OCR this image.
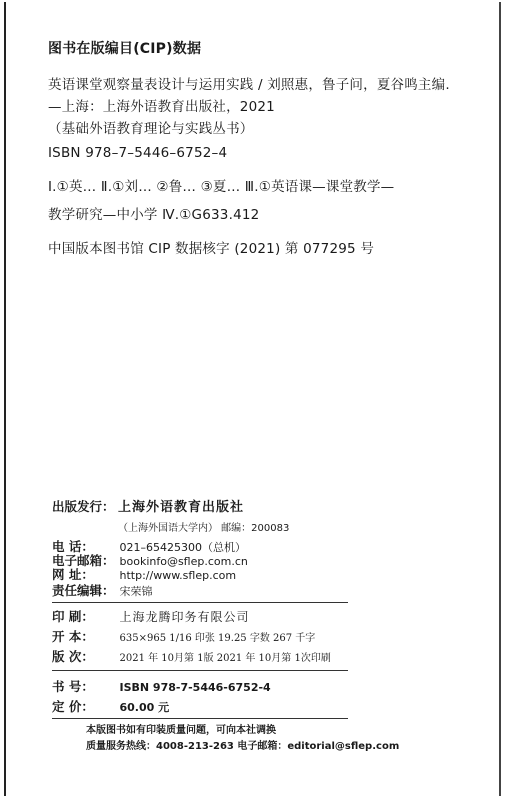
图书在版编目(CIP)数据
英语课堂观察量表设计与运用实践 / 刘照惠，鲁子问，夏谷鸣主编.
—上海：上海外语教育出版社，2021
（基础外语教育理论与实践丛书）
ISBN 978–7–5446–6752–4
Ⅰ.①英… Ⅱ.①刘… ②鲁… ③夏… Ⅲ.①英语课—课堂教学—
教学研究—中小学 Ⅳ.①G633.412
中国版本图书馆 CIP 数据核字 (2021) 第 077295 号
出版发行： 上海外语教育出版社
（上海外国语大学内） 邮编：200083
电 话： 021–65425300（总机）
电子邮箱： bookinfo@sflep.com.cn
网 址： http://www.sflep.com
责任编辑： 宋荣锦
印 刷： 上海龙腾印务有限公司
开 本：	635×965 1/16 印张 19.25 字数 267 千字
版 次：	2021 年 10月第 1版 2021 年 10月第 1次印刷
书 号： ISBN 978-7-5446-6752-4
定 价： 60.00 元
本版图书如有印装质量问题，可向本社调换
质量服务热线：4008-213-263 电子邮箱：editorial@sflep.com
